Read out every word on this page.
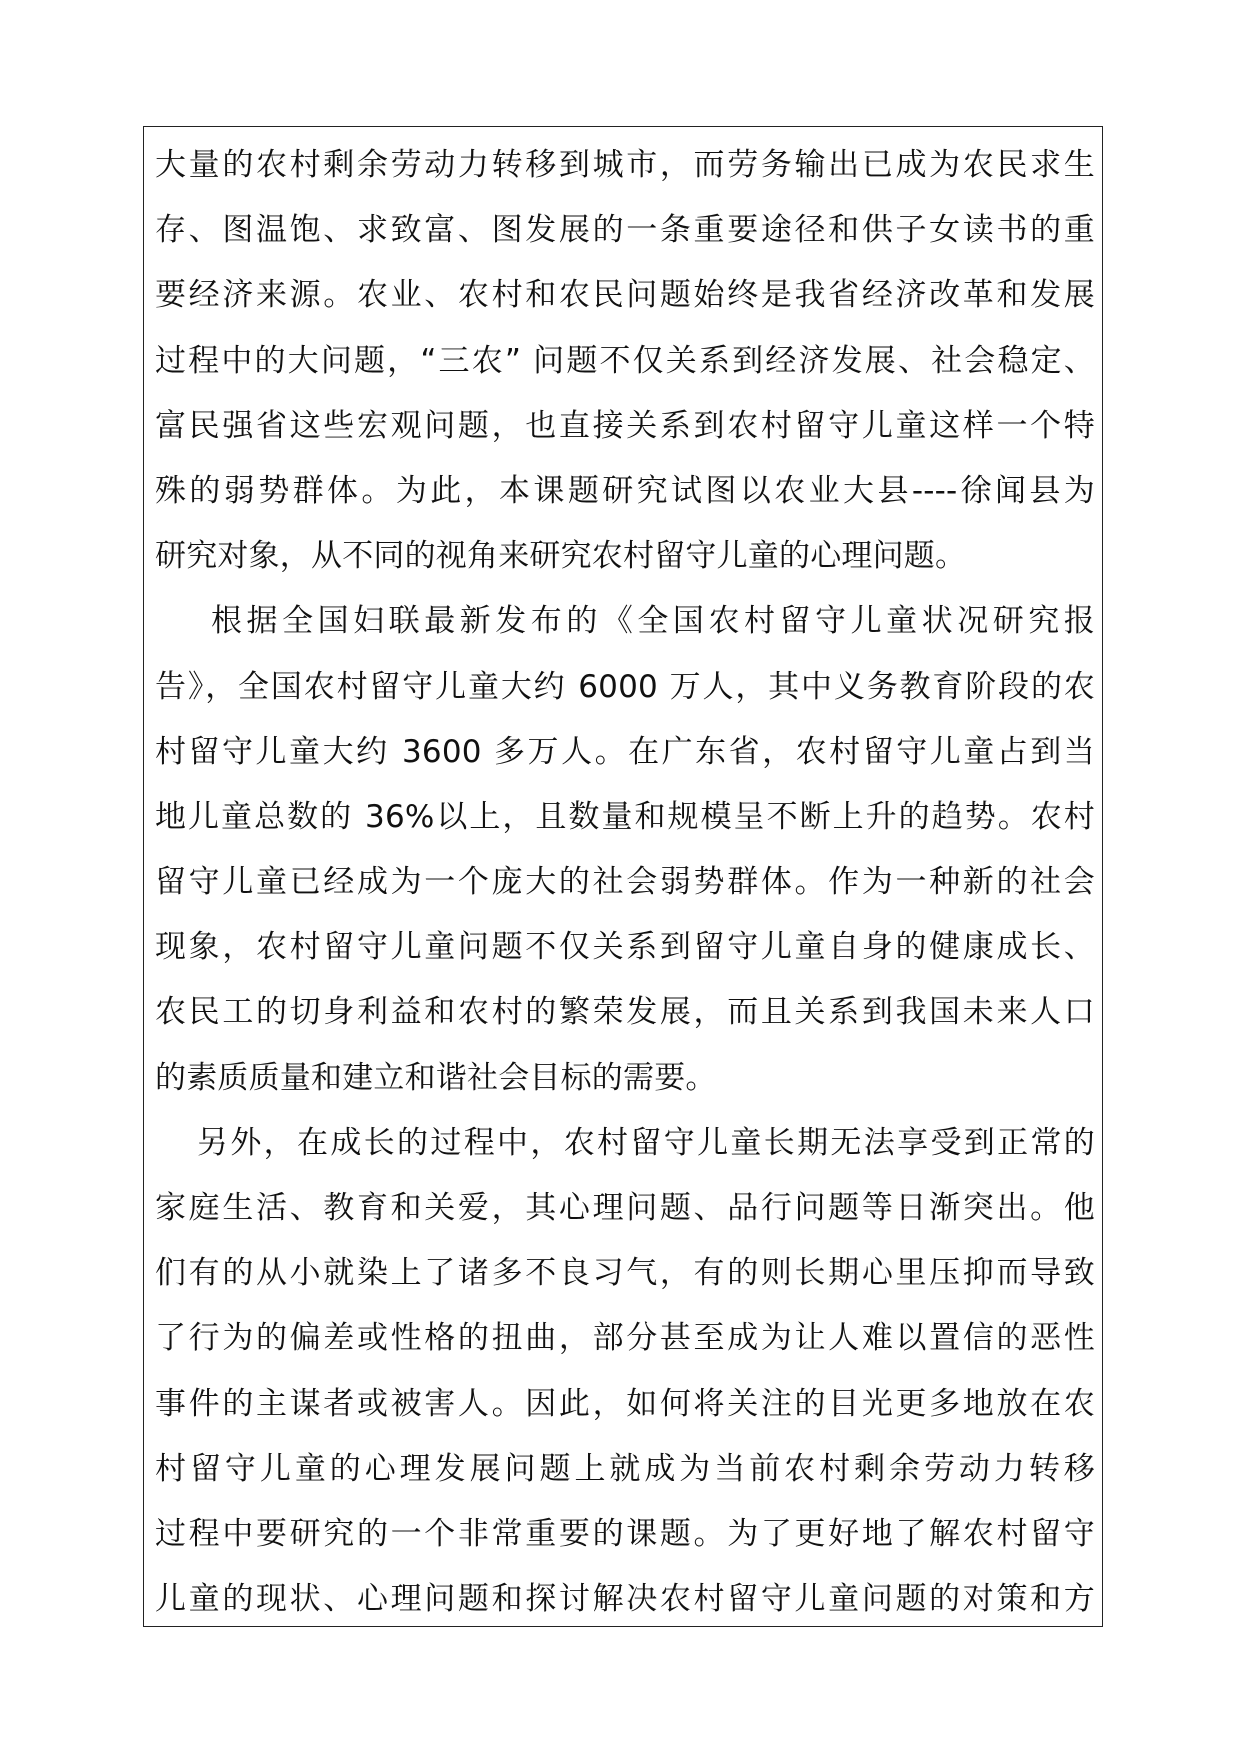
大量的农村剩余劳动力转移到城市，而劳务输出已成为农民求生
存、图温饱、求致富、图发展的一条重要途径和供子女读书的重
要经济来源。农业、农村和农民问题始终是我省经济改革和发展
过程中的大问题，“三农” 问题不仅关系到经济发展、社会稳定、
富民强省这些宏观问题，也直接关系到农村留守儿童这样一个特
殊的弱势群体。为此，本课题研究试图以农业大县----徐闻县为
研究对象，从不同的视角来研究农村留守儿童的心理问题。
根据全国妇联最新发布的《全国农村留守儿童状况研究报
告》，全国农村留守儿童大约 6000 万人，其中义务教育阶段的农
村留守儿童大约 3600 多万人。在广东省，农村留守儿童占到当
地儿童总数的 36%以上，且数量和规模呈不断上升的趋势。农村
留守儿童已经成为一个庞大的社会弱势群体。作为一种新的社会
现象，农村留守儿童问题不仅关系到留守儿童自身的健康成长、
农民工的切身利益和农村的繁荣发展，而且关系到我国未来人口
的素质质量和建立和谐社会目标的需要。
另外，在成长的过程中，农村留守儿童长期无法享受到正常的
家庭生活、教育和关爱，其心理问题、品行问题等日渐突出。他
们有的从小就染上了诸多不良习气，有的则长期心里压抑而导致
了行为的偏差或性格的扭曲，部分甚至成为让人难以置信的恶性
事件的主谋者或被害人。因此，如何将关注的目光更多地放在农
村留守儿童的心理发展问题上就成为当前农村剩余劳动力转移
过程中要研究的一个非常重要的课题。为了更好地了解农村留守
儿童的现状、心理问题和探讨解决农村留守儿童问题的对策和方
